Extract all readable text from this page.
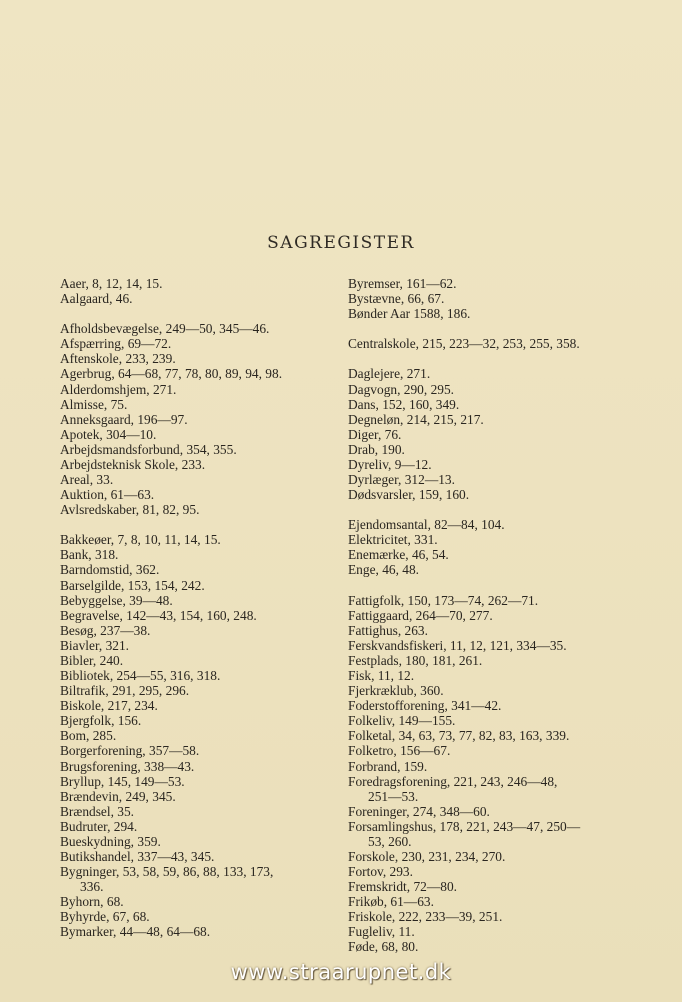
SAGREGISTER
Aaer, 8, 12, 14, 15.
Aalgaard, 46.
Afholdsbevægelse, 249—50, 345—46.
Afspærring, 69—72.
Aftenskole, 233, 239.
Agerbrug, 64—68, 77, 78, 80, 89, 94, 98.
Alderdomshjem, 271.
Almisse, 75.
Anneksgaard, 196—97.
Apotek, 304—10.
Arbejdsmandsforbund, 354, 355.
Arbejdsteknisk Skole, 233.
Areal, 33.
Auktion, 61—63.
Avlsredskaber, 81, 82, 95.
Bakkeøer, 7, 8, 10, 11, 14, 15.
Bank, 318.
Barndomstid, 362.
Barselgilde, 153, 154, 242.
Bebyggelse, 39—48.
Begravelse, 142—43, 154, 160, 248.
Besøg, 237—38.
Biavler, 321.
Bibler, 240.
Bibliotek, 254—55, 316, 318.
Biltrafik, 291, 295, 296.
Biskole, 217, 234.
Bjergfolk, 156.
Bom, 285.
Borgerforening, 357—58.
Brugsforening, 338—43.
Bryllup, 145, 149—53.
Brændevin, 249, 345.
Brændsel, 35.
Budruter, 294.
Bueskydning, 359.
Butikshandel, 337—43, 345.
Bygninger, 53, 58, 59, 86, 88, 133, 173,
336.
Byhorn, 68.
Byhyrde, 67, 68.
Bymarker, 44—48, 64—68.
Byremser, 161—62.
Bystævne, 66, 67.
Bønder Aar 1588, 186.
Centralskole, 215, 223—32, 253, 255, 358.
Daglejere, 271.
Dagvogn, 290, 295.
Dans, 152, 160, 349.
Degneløn, 214, 215, 217.
Diger, 76.
Drab, 190.
Dyreliv, 9—12.
Dyrlæger, 312—13.
Dødsvarsler, 159, 160.
Ejendomsantal, 82—84, 104.
Elektricitet, 331.
Enemærke, 46, 54.
Enge, 46, 48.
Fattigfolk, 150, 173—74, 262—71.
Fattiggaard, 264—70, 277.
Fattighus, 263.
Ferskvandsfiskeri, 11, 12, 121, 334—35.
Festplads, 180, 181, 261.
Fisk, 11, 12.
Fjerkræklub, 360.
Foderstofforening, 341—42.
Folkeliv, 149—155.
Folketal, 34, 63, 73, 77, 82, 83, 163, 339.
Folketro, 156—67.
Forbrand, 159.
Foredragsforening, 221, 243, 246—48,
251—53.
Foreninger, 274, 348—60.
Forsamlingshus, 178, 221, 243—47, 250—
53, 260.
Forskole, 230, 231, 234, 270.
Fortov, 293.
Fremskridt, 72—80.
Frikøb, 61—63.
Friskole, 222, 233—39, 251.
Fugleliv, 11.
Føde, 68, 80.
www.straarupnet.dk
